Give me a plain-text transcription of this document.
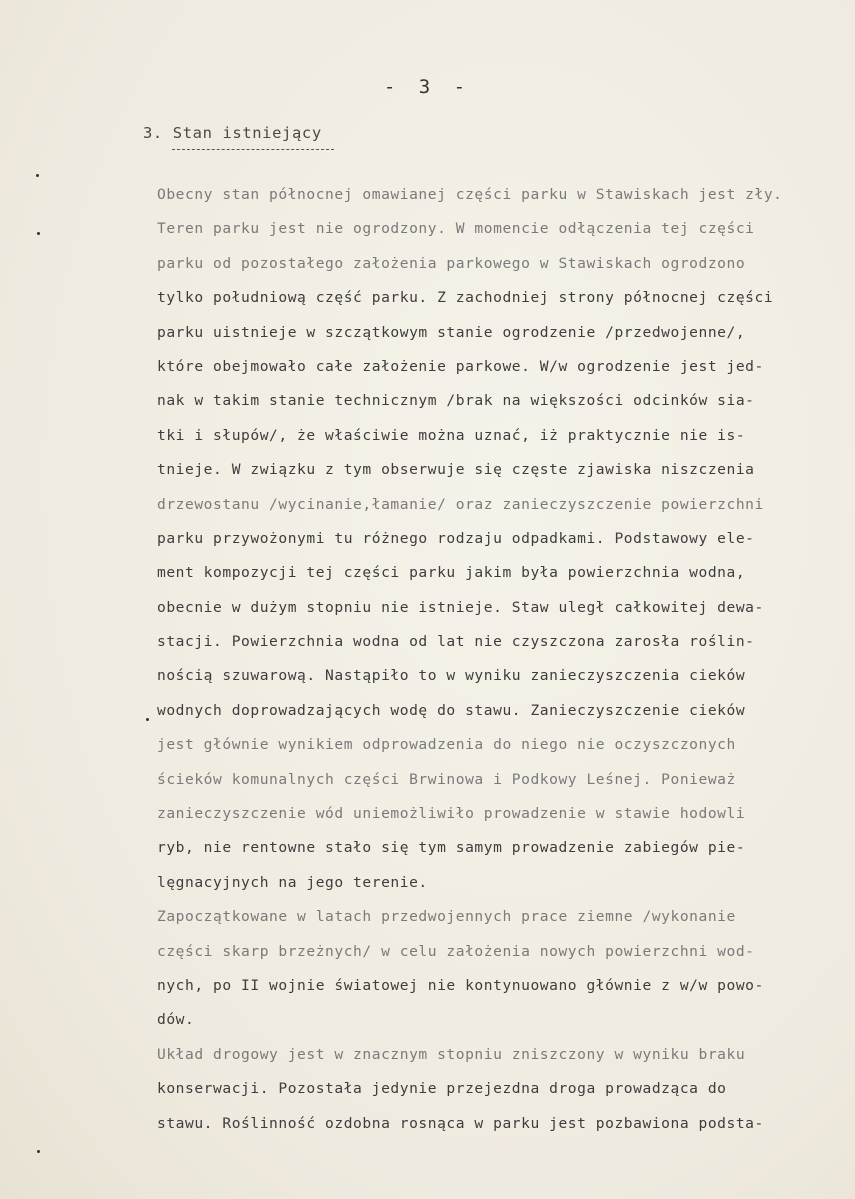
- 3 -
3. Stan istniejący
Obecny stan północnej omawianej części parku w Stawiskach jest zły.
Teren parku jest nie ogrodzony. W momencie odłączenia tej części
parku od pozostałego założenia parkowego w Stawiskach ogrodzono
tylko południową część parku. Z zachodniej strony północnej części
parku uistnieje w szczątkowym stanie ogrodzenie /przedwojenne/,
które obejmowało całe założenie parkowe. W/w ogrodzenie jest jed-
nak w takim stanie technicznym /brak na większości odcinków sia-
tki i słupów/, że właściwie można uznać, iż praktycznie nie is-
tnieje. W związku z tym obserwuje się częste zjawiska niszczenia
drzewostanu /wycinanie,łamanie/ oraz zanieczyszczenie powierzchni
parku przywożonymi tu różnego rodzaju odpadkami. Podstawowy ele-
ment kompozycji tej części parku jakim była powierzchnia wodna,
obecnie w dużym stopniu nie istnieje. Staw uległ całkowitej dewa-
stacji. Powierzchnia wodna od lat nie czyszczona zarosła roślin-
nością szuwarową. Nastąpiło to w wyniku zanieczyszczenia cieków
wodnych doprowadzających wodę do stawu. Zanieczyszczenie cieków
jest głównie wynikiem odprowadzenia do niego nie oczyszczonych
ścieków komunalnych części Brwinowa i Podkowy Leśnej. Ponieważ
zanieczyszczenie wód uniemożliwiło prowadzenie w stawie hodowli
ryb, nie rentowne stało się tym samym prowadzenie zabiegów pie-
lęgnacyjnych na jego terenie.
Zapoczątkowane w latach przedwojennych prace ziemne /wykonanie
części skarp brzeżnych/ w celu założenia nowych powierzchni wod-
nych, po II wojnie światowej nie kontynuowano głównie z w/w powo-
dów.
Układ drogowy jest w znacznym stopniu zniszczony w wyniku braku
konserwacji. Pozostała jedynie przejezdna droga prowadząca do
stawu. Roślinność ozdobna rosnąca w parku jest pozbawiona podsta-
